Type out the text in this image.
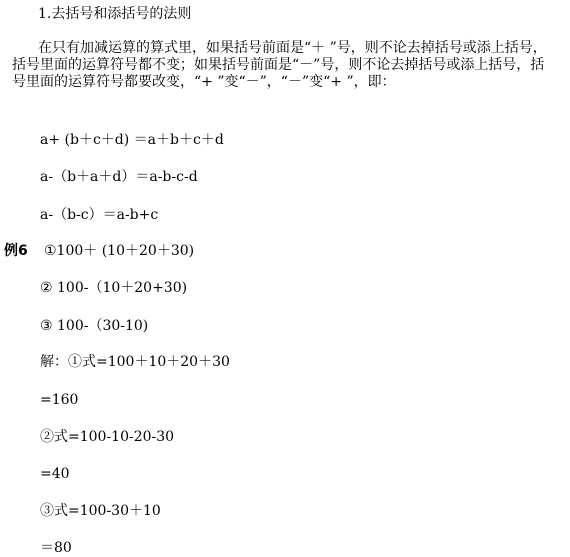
1.去括号和添括号的法则
在只有加减运算的算式里，如果括号前面是“＋ ”号，则不论去掉括号或添上括号，括号里面的运算符号都不变；如果括号前面是“－”号，则不论去掉括号或添上括号，括号里面的运算符号都要改变，“+ ”变“－”，“－”变“+ ”，即：
a+ (b＋c＋d) ＝a＋b＋c＋d
a-（b＋a＋d）＝a-b-c-d
a-（b-c）＝a-b+c
例6 ①100＋ (10＋20＋30)
② 100-（10＋20+30)
③ 100-（30-10)
解：①式=100＋10＋20＋30
=160
②式=100-10-20-30
=40
③式=100-30＋10
＝80
